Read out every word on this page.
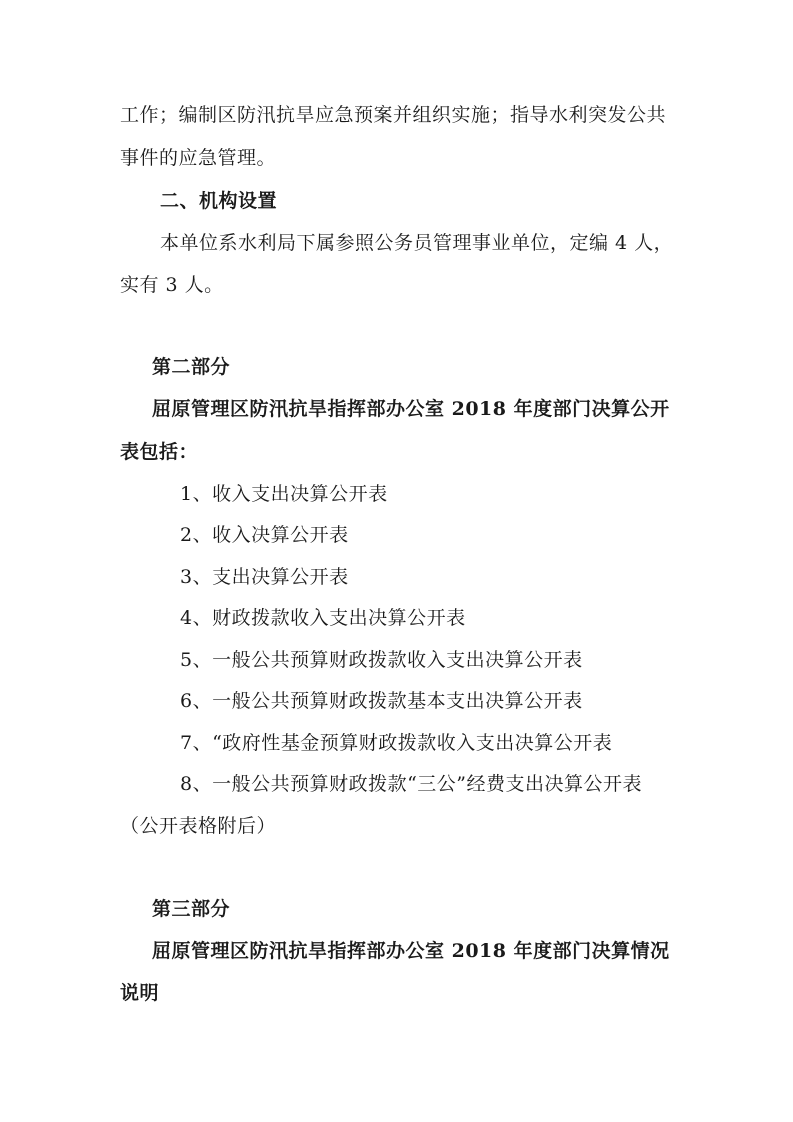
工作；编制区防汛抗旱应急预案并组织实施；指导水利突发公共
事件的应急管理。
二、机构设置
本单位系水利局下属参照公务员管理事业单位，定编 4 人，
实有 3 人。
第二部分
屈原管理区防汛抗旱指挥部办公室 2018 年度部门决算公开
表包括：
1、收入支出决算公开表
2、收入决算公开表
3、支出决算公开表
4、财政拨款收入支出决算公开表
5、一般公共预算财政拨款收入支出决算公开表
6、一般公共预算财政拨款基本支出决算公开表
7、“政府性基金预算财政拨款收入支出决算公开表
8、一般公共预算财政拨款“三公”经费支出决算公开表
（公开表格附后）
第三部分
屈原管理区防汛抗旱指挥部办公室 2018 年度部门决算情况
说明
